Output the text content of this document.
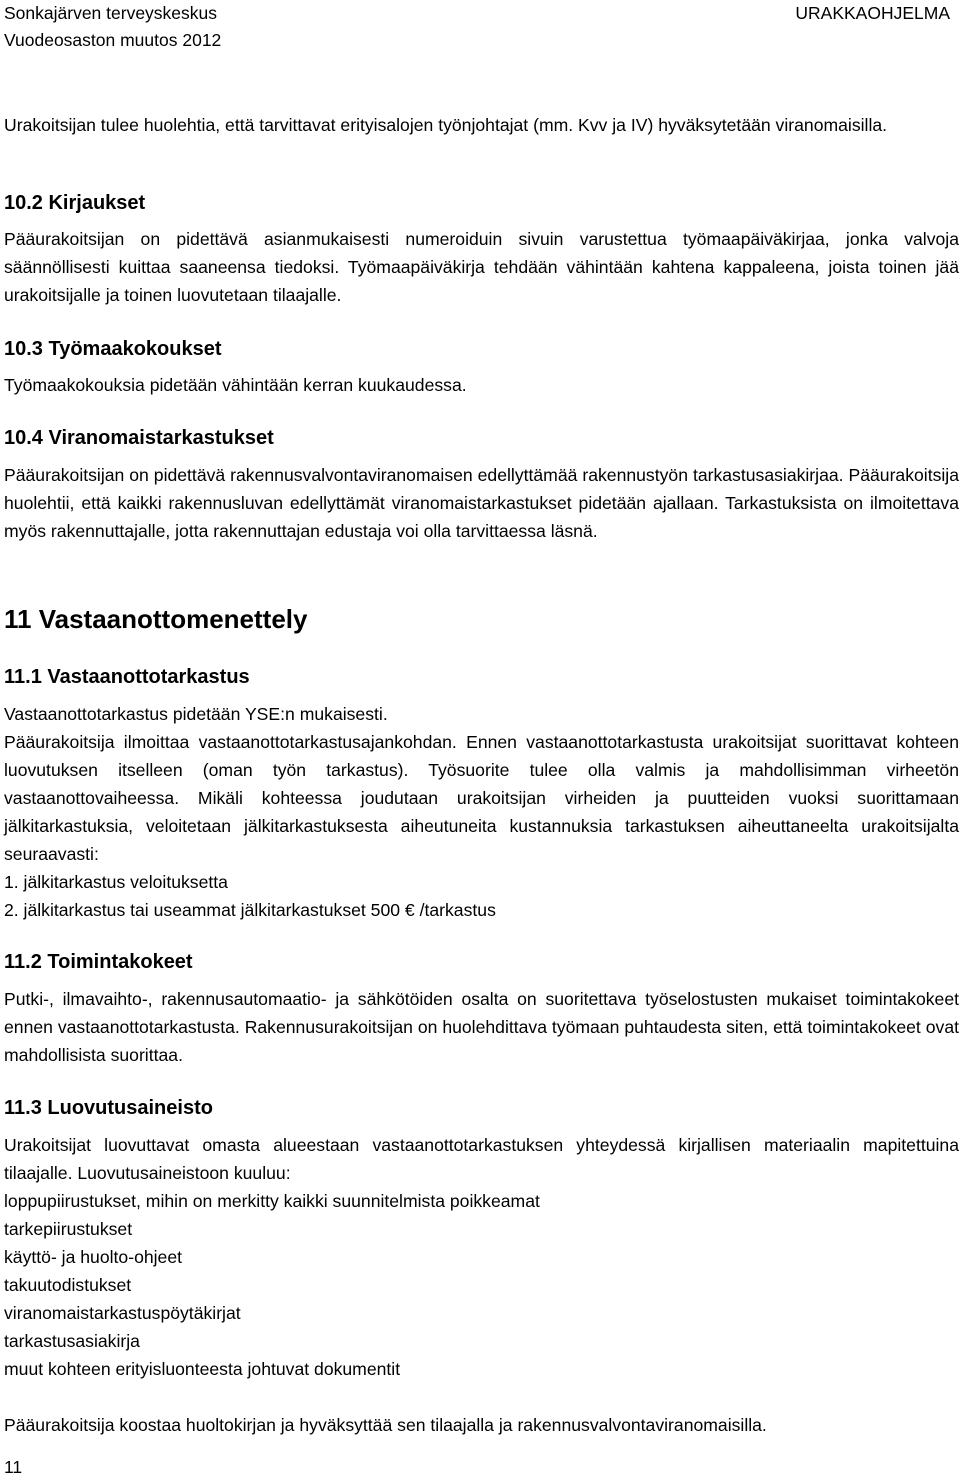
Sonkajärven terveyskeskus
Vuodeosaston muutos 2012
URAKKAOHJELMA

Urakoitsijan tulee huolehtia, että tarvittavat erityisalojen työnjohtajat (mm. Kvv ja IV) hyväksytetään viranomaisilla.

10.2 Kirjaukset

Pääurakoitsijan on pidettävä asianmukaisesti numeroiduin sivuin varustettua työmaapäiväkirjaa, jonka valvoja säännöllisesti kuittaa saaneensa tiedoksi. Työmaapäiväkirja tehdään vähintään kahtena kappaleena, joista toinen jää urakoitsijalle ja toinen luovutetaan tilaajalle.

10.3 Työmaakokoukset

Työmaakokouksia pidetään vähintään kerran kuukaudessa.

10.4 Viranomaistarkastukset

Pääurakoitsijan on pidettävä rakennusvalvontaviranomaisen edellyttämää rakennustyön tarkastusasiakirjaa. Pääurakoitsija huolehtii, että kaikki rakennusluvan edellyttämät viranomaistarkastukset pidetään ajallaan. Tarkastuksista on ilmoitettava myös rakennuttajalle, jotta rakennuttajan edustaja voi olla tarvittaessa läsnä.

11 Vastaanottomenettely

11.1 Vastaanottotarkastus

Vastaanottotarkastus pidetään YSE:n mukaisesti.

Pääurakoitsija ilmoittaa vastaanottotarkastusajankohdan. Ennen vastaanottotarkastusta urakoitsijat suorittavat kohteen luovutuksen itselleen (oman työn tarkastus). Työsuorite tulee olla valmis ja mahdollisimman virheetön vastaanottovaiheessa. Mikäli kohteessa joudutaan urakoitsijan virheiden ja puutteiden vuoksi suorittamaan jälkitarkastuksia, veloitetaan jälkitarkastuksesta aiheutuneita kustannuksia tarkastuksen aiheuttaneelta urakoitsijalta seuraavasti:

1. jälkitarkastus veloituksetta

2. jälkitarkastus tai useammat jälkitarkastukset 500 € /tarkastus

11.2 Toimintakokeet

Putki-, ilmavaihto-, rakennusautomaatio- ja sähkötöiden osalta on suoritettava työselostusten mukaiset toimintakokeet ennen vastaanottotarkastusta. Rakennusurakoitsijan on huolehdittava työmaan puhtaudesta siten, että toimintakokeet ovat mahdollisista suorittaa.

11.3 Luovutusaineisto

Urakoitsijat luovuttavat omasta alueestaan vastaanottotarkastuksen yhteydessä kirjallisen materiaalin mapitettuina tilaajalle. Luovutusaineistoon kuuluu:

loppupiirustukset, mihin on merkitty kaikki suunnitelmista poikkeamat

tarkepiirustukset

käyttö- ja huolto-ohjeet

takuutodistukset

viranomaistarkastuspöytäkirjat

tarkastusasiakirja

muut kohteen erityisluonteesta johtuvat dokumentit

Pääurakoitsija koostaa huoltokirjan ja hyväksyttää sen tilaajalla ja rakennusvalvontaviranomaisilla.

11
